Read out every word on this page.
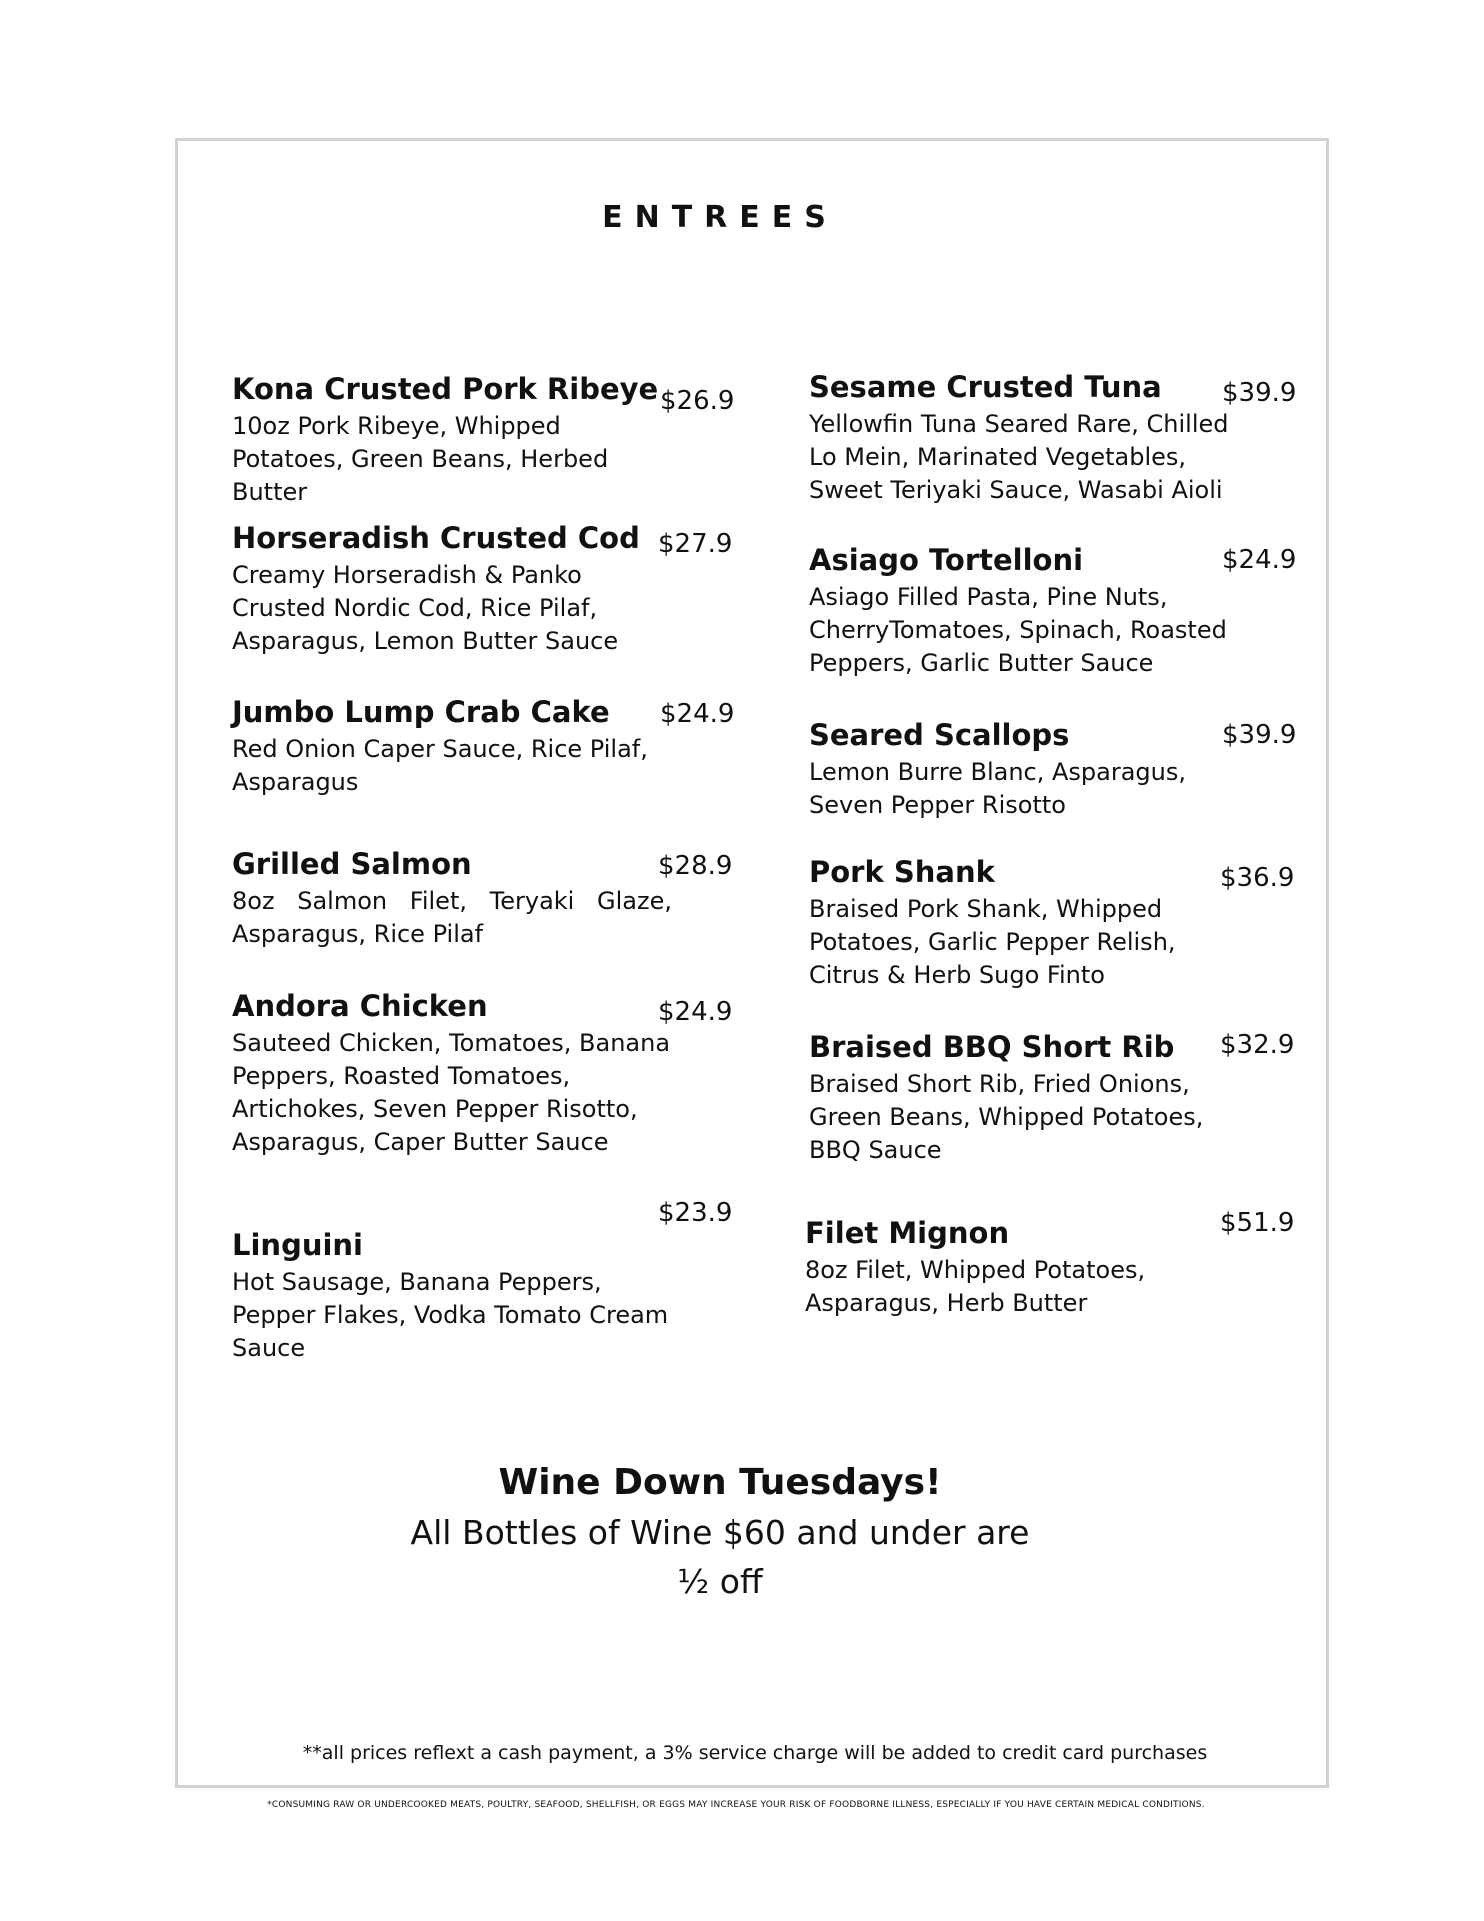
ENTREES
Kona Crusted Pork Ribeye $26.9
10oz Pork Ribeye, Whipped Potatoes, Green Beans, Herbed Butter
Horseradish Crusted Cod $27.9
Creamy Horseradish & Panko Crusted Nordic Cod, Rice Pilaf, Asparagus, Lemon Butter Sauce
Jumbo Lump Crab Cake $24.9
Red Onion Caper Sauce, Rice Pilaf, Asparagus
Grilled Salmon	$28.9
8oz Salmon Filet, Teryaki Glaze, Asparagus, Rice Pilaf
Andora Chicken	$24.9
Sauteed Chicken, Tomatoes, Banana Peppers, Roasted Tomatoes, Artichokes, Seven Pepper Risotto, Asparagus, Caper Butter Sauce
Linguini
$23.9
Hot Sausage, Banana Peppers, Pepper Flakes, Vodka Tomato Cream Sauce
Sesame Crusted Tuna $39.9
Yellowfin Tuna Seared Rare, Chilled Lo Mein, Marinated Vegetables, Sweet Teriyaki Sauce, Wasabi Aioli
Asiago Tortelloni	$24.9
Asiago Filled Pasta, Pine Nuts, CherryTomatoes, Spinach, Roasted Peppers, Garlic Butter Sauce
Seared Scallops	$39.9
Lemon Burre Blanc, Asparagus, Seven Pepper Risotto
Pork Shank	$36.9
Braised Pork Shank, Whipped Potatoes, Garlic Pepper Relish, Citrus & Herb Sugo Finto
Braised BBQ Short Rib $32.9
Braised Short Rib, Fried Onions, Green Beans, Whipped Potatoes, BBQ Sauce
Filet Mignon	$51.9
8oz Filet, Whipped Potatoes, Asparagus, Herb Butter
Wine Down Tuesdays!
All Bottles of Wine $60 and under are ½ off
**all prices reflext a cash payment, a 3% service charge will be added to credit card purchases
*CONSUMING RAW OR UNDERCOOKED MEATS, POULTRY, SEAFOOD, SHELLFISH, OR EGGS MAY INCREASE YOUR RISK OF FOODBORNE ILLNESS, ESPECIALLY IF YOU HAVE CERTAIN MEDICAL CONDITIONS.
